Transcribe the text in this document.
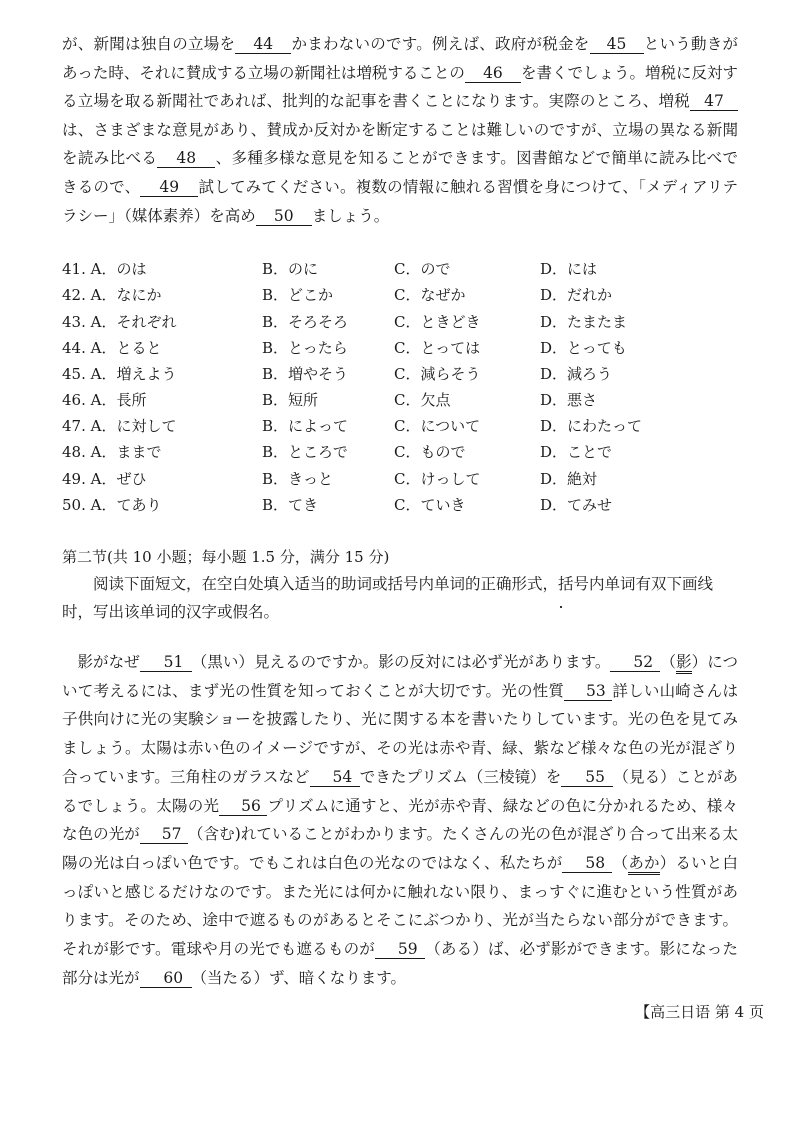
が、新聞は独自の立場を 44 かまわないのです。例えば、政府が税金を 45 という動きがあった時、それに賛成する立場の新聞社は増税することの 46 を書くでしょう。増税に反対する立場を取る新聞社であれば、批判的な記事を書くことになります。実際のところ、増税 47は、さまざまな意見があり、賛成か反対かを断定することは難しいのですが、立場の異なる新聞を読み比べる 48 、多種多様な意見を知ることができます。図書館などで簡単に読み比べできるので、 49 試してみてください。複数の情報に触れる習慣を身につけて、「メディアリテラシー」（媒体素养）を高め 50 ましょう。

41. A．のは	B．のに	C．ので	D．には
42. A．なにか	B．どこか	C．なぜか	D．だれか
43. A．それぞれ	B．そろそろ	C．ときどき	D．たまたま
44. A．とると	B．とったら	C．とっては	D．とっても
45. A．増えよう	B．増やそう	C．減らそう	D．減ろう
46. A．長所	B．短所	C．欠点	D．悪さ
47. A．に対して	B．によって	C．について	D．にわたって
48. A．ままで	B．ところで	C．もので	D．ことで
49. A．ぜひ	B．きっと	C．けっして	D．絶対
50. A．てあり	B．てき	C．ていき	D．てみせ
第二节(共 10 小题；每小题 1.5 分，满分 15 分)

阅读下面短文，在空白处填入适当的助词或括号内单词的正确形式，括号内单词有双下画线时，写出该单词的汉字或假名。

影がなぜ 51 （黒い）見えるのですか。影の反対には必ず光があります。 52 （影）について考えるには、まず光の性質を知っておくことが大切です。光の性質 53 詳しい山崎さんは子供向けに光の実験ショーを披露したり、光に関する本を書いたりしています。光の色を見てみましょう。太陽は赤い色のイメージですが、その光は赤や青、緑、紫など様々な色の光が混ざり合っています。三角柱のガラスなど 54 できたプリズム（三棱镜）を 55 （見る）ことがあるでしょう。太陽の光 56 プリズムに通すと、光が赤や青、緑などの色に分かれるため、様々な色の光が 57 （含む)れていることがわかります。たくさんの光の色が混ざり合って出来る太陽の光は白っぽい色です。でもこれは白色の光なのではなく、私たちが 58 （あか）るいと白っぽいと感じるだけなのです。また光には何かに触れない限り、まっすぐに進むという性質があります。そのため、途中で遮るものがあるとそこにぶつかり、光が当たらない部分ができます。それが影です。電球や月の光でも遮るものが 59 （ある）ば、必ず影ができます。影になった部分は光が 60 （当たる）ず、暗くなります。

【高三日语 第 4 页
